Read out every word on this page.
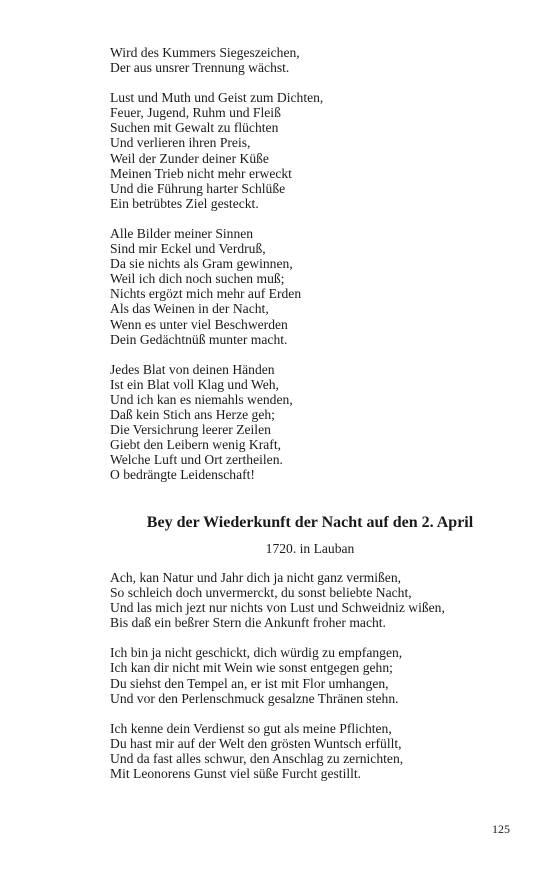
Wird des Kummers Siegeszeichen,
Der aus unsrer Trennung wächst.
Lust und Muth und Geist zum Dichten,
Feuer, Jugend, Ruhm und Fleiß
Suchen mit Gewalt zu flüchten
Und verlieren ihren Preis,
Weil der Zunder deiner Küße
Meinen Trieb nicht mehr erweckt
Und die Führung harter Schlüße
Ein betrübtes Ziel gesteckt.
Alle Bilder meiner Sinnen
Sind mir Eckel und Verdruß,
Da sie nichts als Gram gewinnen,
Weil ich dich noch suchen muß;
Nichts ergözt mich mehr auf Erden
Als das Weinen in der Nacht,
Wenn es unter viel Beschwerden
Dein Gedächtnüß munter macht.
Jedes Blat von deinen Händen
Ist ein Blat voll Klag und Weh,
Und ich kan es niemahls wenden,
Daß kein Stich ans Herze geh;
Die Versichrung leerer Zeilen
Giebt den Leibern wenig Kraft,
Welche Luft und Ort zertheilen.
O bedrängte Leidenschaft!
Bey der Wiederkunft der Nacht auf den 2. April
1720. in Lauban
Ach, kan Natur und Jahr dich ja nicht ganz vermißen,
So schleich doch unvermerckt, du sonst beliebte Nacht,
Und las mich jezt nur nichts von Lust und Schweidniz wißen,
Bis daß ein beßrer Stern die Ankunft froher macht.
Ich bin ja nicht geschickt, dich würdig zu empfangen,
Ich kan dir nicht mit Wein wie sonst entgegen gehn;
Du siehst den Tempel an, er ist mit Flor umhangen,
Und vor den Perlenschmuck gesalzne Thränen stehn.
Ich kenne dein Verdienst so gut als meine Pflichten,
Du hast mir auf der Welt den grösten Wuntsch erfüllt,
Und da fast alles schwur, den Anschlag zu zernichten,
Mit Leonorens Gunst viel süße Furcht gestillt.
125
